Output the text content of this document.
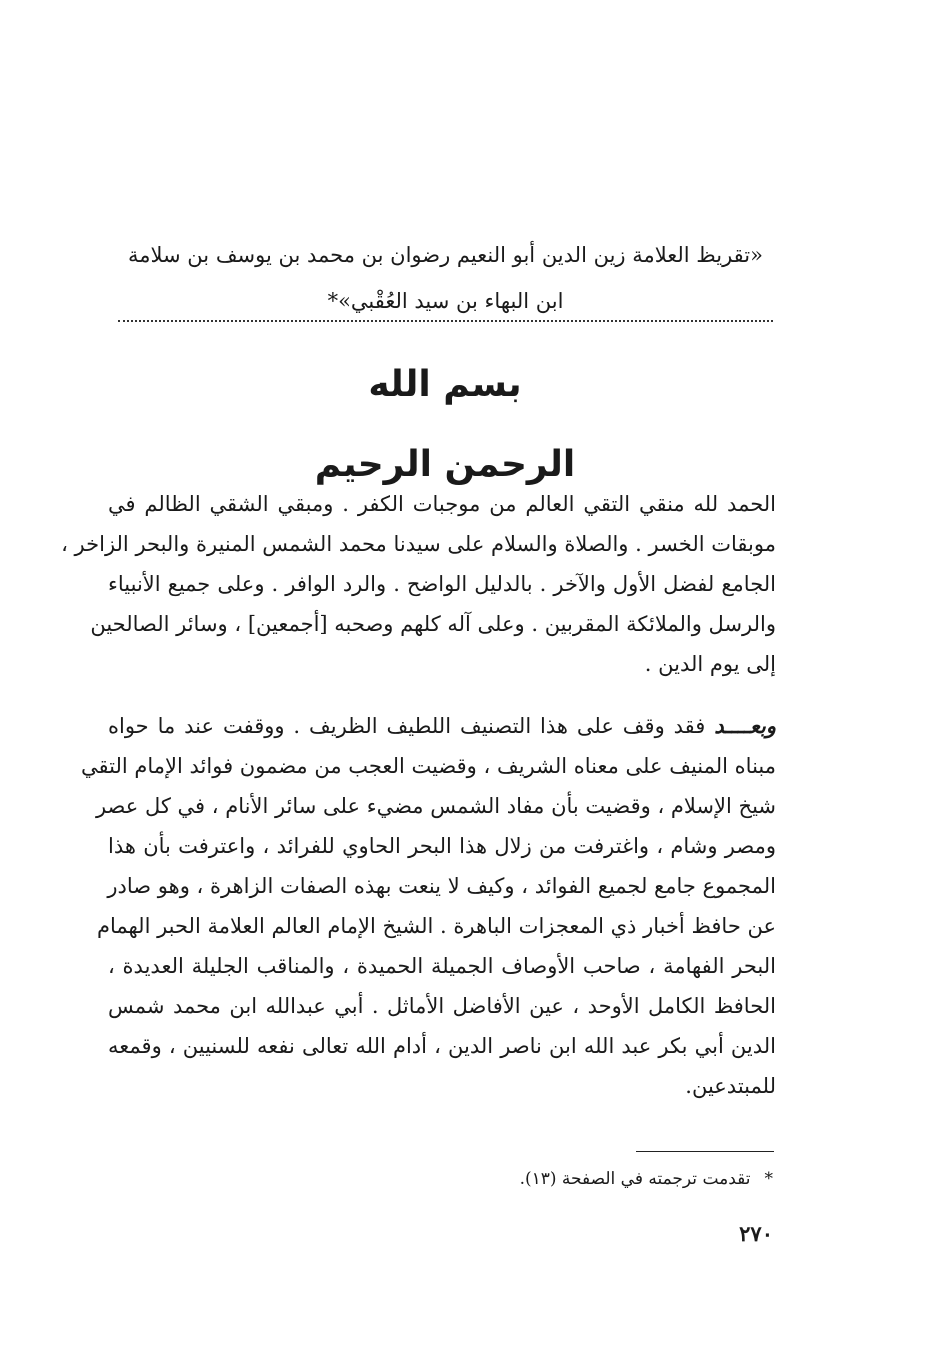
«تقريظ العلامة زين الدين أبو النعيم رضوان بن محمد بن يوسف بن سلامة
ابن البهاء بن سيد العُقْبي»*
بسم الله الرحمن الرحيم
الحمد لله منقي التقي العالم من موجبات الكفر . ومبقي الشقي الظالم في
موبقات الخسر . والصلاة والسلام على سيدنا محمد الشمس المنيرة والبحر الزاخر ،
الجامع لفضل الأول والآخر . بالدليل الواضح . والرد الوافر . وعلى جميع الأنبياء
والرسل والملائكة المقربين . وعلى آله كلهم وصحبه [أجمعين] ، وسائر الصالحين
إلى يوم الدين .
وبعــــد فقد وقف على هذا التصنيف اللطيف الظريف . ووقفت عند ما حواه
مبناه المنيف على معناه الشريف ، وقضيت العجب من مضمون فوائد الإمام التقي
شيخ الإسلام ، وقضيت بأن مفاد الشمس مضيء على سائر الأنام ، في كل عصر
ومصر وشام ، واغترفت من زلال هذا البحر الحاوي للفرائد ، واعترفت بأن هذا
المجموع جامع لجميع الفوائد ، وكيف لا ينعت بهذه الصفات الزاهرة ، وهو صادر
عن حافظ أخبار ذي المعجزات الباهرة . الشيخ الإمام العالم العلامة الحبر الهمام
البحر الفهامة ، صاحب الأوصاف الجميلة الحميدة ، والمناقب الجليلة العديدة ،
الحافظ الكامل الأوحد ، عين الأفاضل الأماثل . أبي عبدالله ابن محمد شمس
الدين أبي بكر عبد الله ابن ناصر الدين ، أدام الله تعالى نفعه للسنيين ، وقمعه
للمبتدعين.
*تقدمت ترجمته في الصفحة (١٣).
٢٧٠
